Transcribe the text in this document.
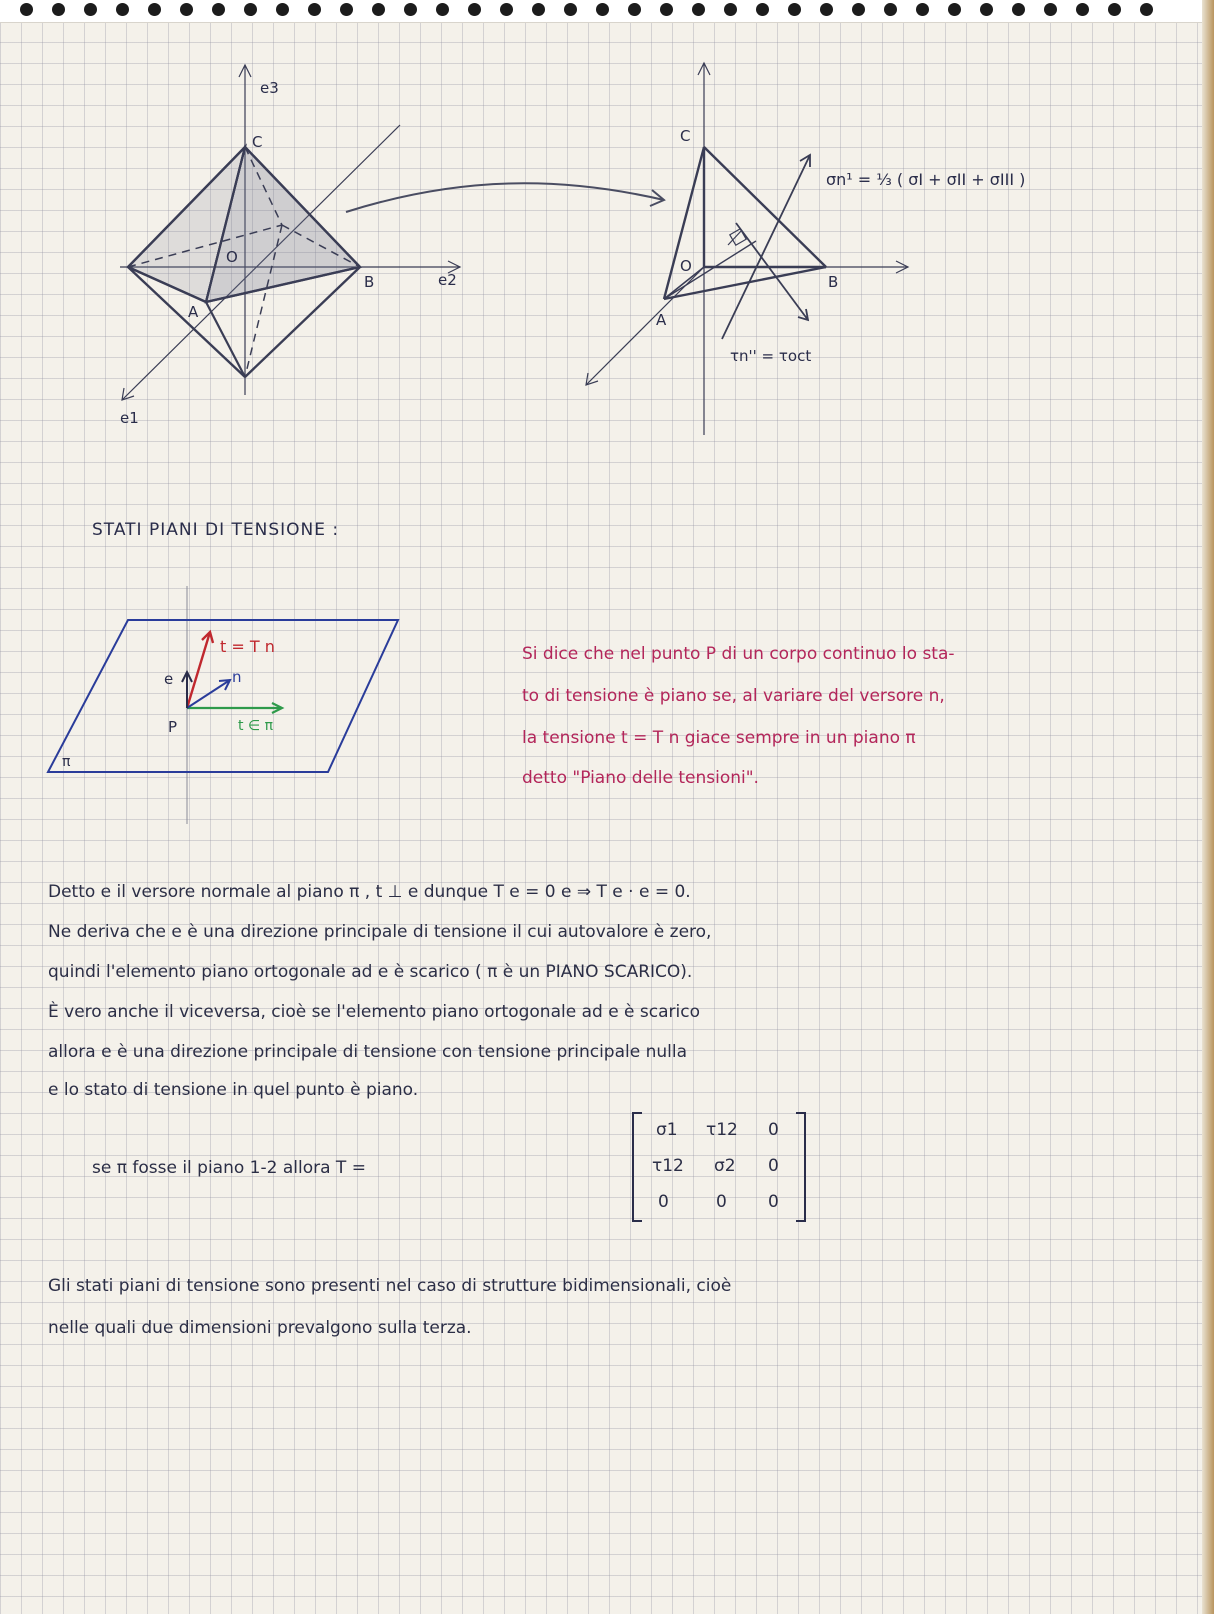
e3
e2
e1
C
O
A
B
C
O
A
B
σn¹ = ⅓ ( σI + σII + σIII )
τn'' = τoct
STATI PIANI DI TENSIONE :
t = T n
e	n
P	t ∈ π
π
Si dice che nel punto P di un corpo continuo lo sta-
to di tensione è piano se, al variare del versore n,
la tensione t = T n giace sempre in un piano π
detto "Piano delle tensioni".
Detto e il versore normale al piano π , t ⊥ e dunque T e = 0 e ⇒ T e · e = 0.
Ne deriva che e è una direzione principale di tensione il cui autovalore è zero,
quindi l'elemento piano ortogonale ad e è scarico ( π è un PIANO SCARICO).
È vero anche il viceversa, cioè se l'elemento piano ortogonale ad e è scarico
allora e è una direzione principale di tensione con tensione principale nulla
e lo stato di tensione in quel punto è piano.
se π fosse il piano 1-2 allora T =
σ1 τ12 0
τ12 σ2 0
0	0 0
Gli stati piani di tensione sono presenti nel caso di strutture bidimensionali, cioè
nelle quali due dimensioni prevalgono sulla terza.
